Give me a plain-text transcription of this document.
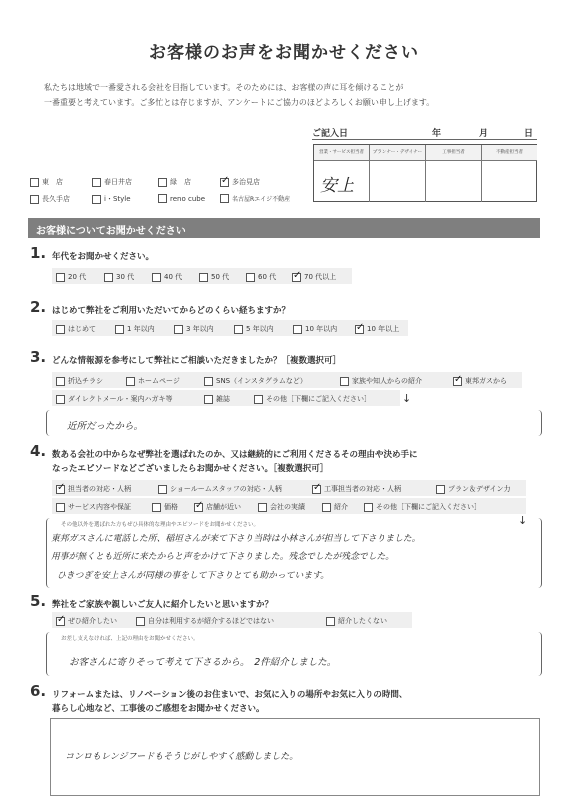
お客様のお声をお聞かせください
私たちは地域で一番愛される会社を目指しています。そのためには、お客様の声に耳を傾けることが
一番重要と考えています。ご多忙とは存じますが、アンケートにご協力のほどよろしくお願い申し上げます。
ご記入日	年	月	日
営業・サービス担当者	プランナー・デザイナー	工事担当者	不動産担当者
安上
東　店	春日井店	緑　店 ✓	多治見店
長久手店	i・Style	reno cube	名古屋Rエイジ不動産
お客様についてお聞かせください
1. 年代をお聞かせください。
20 代	30 代	40 代	50 代	60 代 ✓	70 代以上
2. はじめて弊社をご利用いただいてからどのくらい経ちますか？
はじめて	1 年以内	3 年以内	5 年以内	10 年以内 ✓	10 年以上
3. どんな情報源を参考にして弊社にご相談いただきましたか？［複数選択可］
折込チラシ	ホームページ	SNS（インスタグラムなど）	家族や知人からの紹介 ✓	東邦ガスから
ダイレクトメール・案内ハガキ等	雑誌	その他［下欄にご記入ください］	↓
近所だったから。
4. 数ある会社の中からなぜ弊社を選ばれたのか、又は継続的にご利用くださるその理由や決め手に
なったエピソードなどございましたらお聞かせください。［複数選択可］
✓
担当者の対応・人柄	ショールームスタッフの対応・人柄 ✓	工事担当者の対応・人柄	プラン＆デザイン力
サービス内容や保証	価格 ✓	店舗が近い	会社の実績	紹介	その他［下欄にご記入ください］
↓
その他以外を選ばれた方もぜひ具体的な理由やエピソードをお聞かせください。
東邦ガスさんに電話した所、稲垣さんが来て下さり当時は小林さんが担当して下さりました。
用事が無くとも近所に来たからと声をかけて下さりました。残念でしたが残念でした。
ひきつぎを安上さんが同様の事をして下さりとても助かっています。
5. 弊社をご家族や親しいご友人に紹介したいと思いますか？
✓
ぜひ紹介したい	自分は利用するが紹介するほどではない	紹介したくない
お差し支えなければ、上記の理由をお聞かせください。
お客さんに寄りそって考えて下さるから。　2件紹介しました。
6. リフォームまたは、リノベーション後のお住まいで、お気に入りの場所やお気に入りの時間、
暮らし心地など、工事後のご感想をお聞かせください。
コンロもレンジフードもそうじがしやすく感動しました。
